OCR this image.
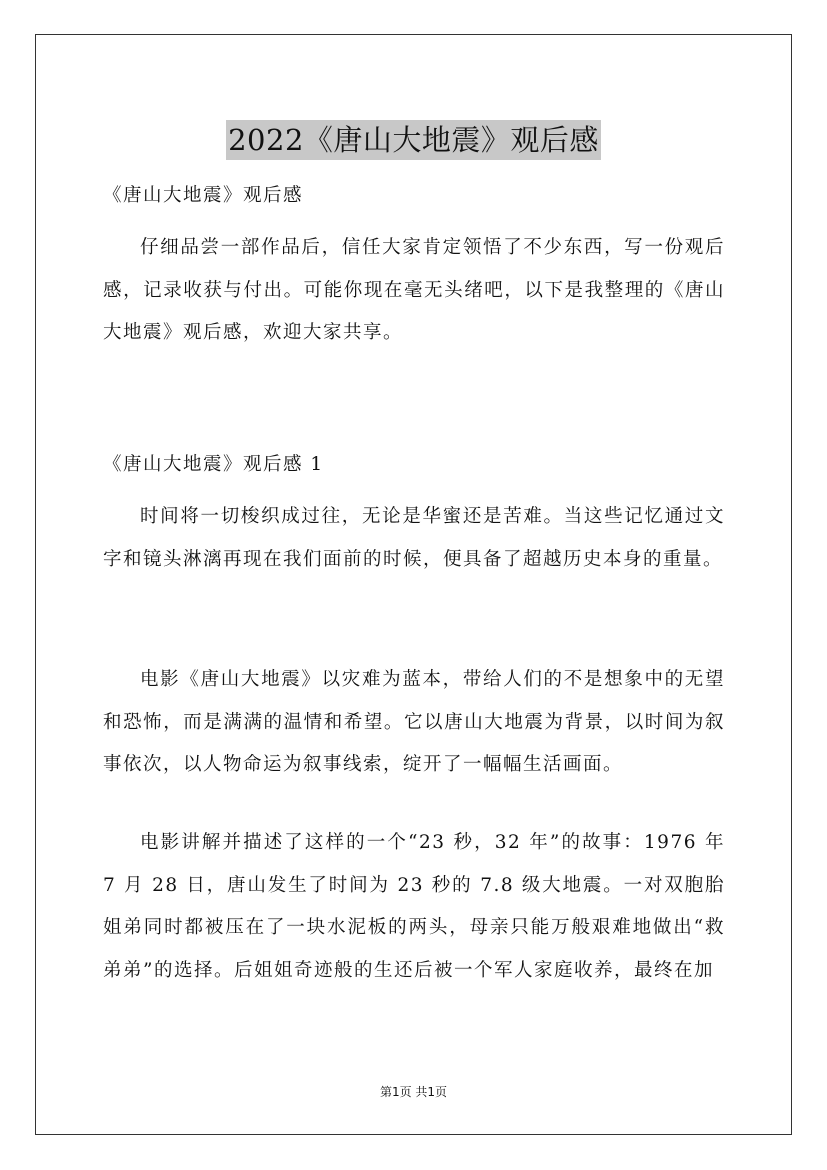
2022《唐山大地震》观后感

《唐山大地震》观后感

仔细品尝一部作品后，信任大家肯定领悟了不少东西，写一份观后感，记录收获与付出。可能你现在毫无头绪吧，以下是我整理的《唐山大地震》观后感，欢迎大家共享。

《唐山大地震》观后感 1

时间将一切梭织成过往，无论是华蜜还是苦难。当这些记忆通过文字和镜头淋漓再现在我们面前的时候，便具备了超越历史本身的重量。

电影《唐山大地震》以灾难为蓝本，带给人们的不是想象中的无望和恐怖，而是满满的温情和希望。它以唐山大地震为背景，以时间为叙事依次，以人物命运为叙事线索，绽开了一幅幅生活画面。

电影讲解并描述了这样的一个“23 秒，32 年”的故事：1976 年 7 月 28 日，唐山发生了时间为 23 秒的 7.8 级大地震。一对双胞胎姐弟同时都被压在了一块水泥板的两头，母亲只能万般艰难地做出“救弟弟”的选择。后姐姐奇迹般的生还后被一个军人家庭收养，最终在加

第1页 共1页
